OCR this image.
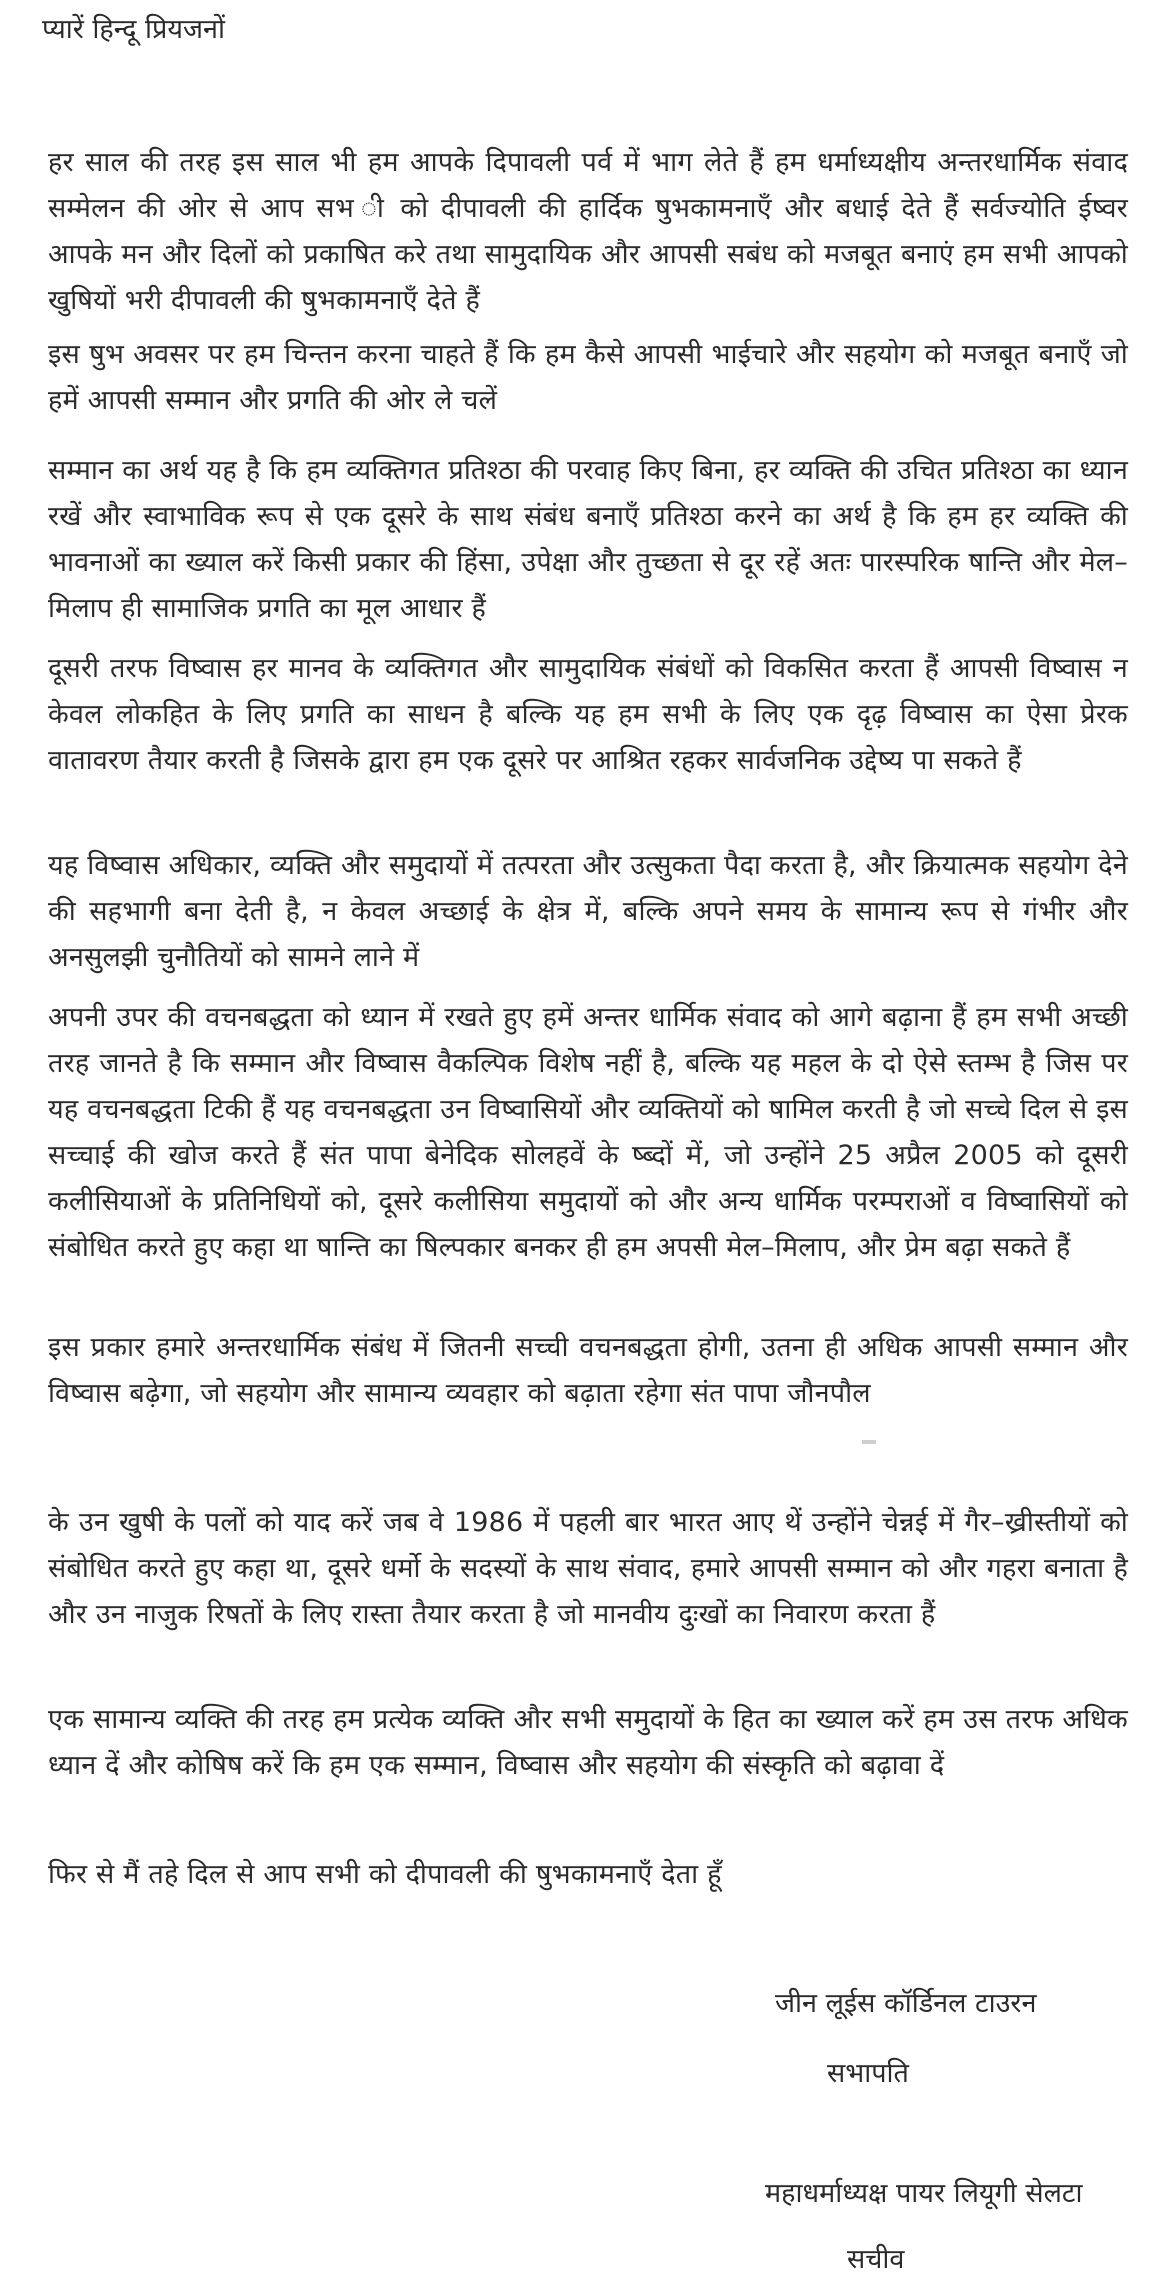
प्यारें हिन्दू प्रियजनों

हर साल की तरह इस साल भी हम आपके दिपावली पर्व में भाग लेते हैं हम धर्माध्यक्षीय अन्तरधार्मिक संवाद सम्मेलन की ओर से आप सभ ी को दीपावली की हार्दिक षुभकामनाएँ और बधाई देते हैं सर्वज्योति ईष्वर आपके मन और दिलों को प्रकाषित करे तथा सामुदायिक और आपसी सबंध को मजबूत बनाएं हम सभी आपको खुषियों भरी दीपावली की षुभकामनाएँ देते हैं

इस षुभ अवसर पर हम चिन्तन करना चाहते हैं कि हम कैसे आपसी भाईचारे और सहयोग को मजबूत बनाएँ जो हमें आपसी सम्मान और प्रगति की ओर ले चलें

सम्मान का अर्थ यह है कि हम व्यक्तिगत प्रतिश्ठा की परवाह किए बिना, हर व्यक्ति की उचित प्रतिश्ठा का ध्यान रखें और स्वाभाविक रूप से एक दूसरे के साथ संबंध बनाएँ प्रतिश्ठा करने का अर्थ है कि हम हर व्यक्ति की भावनाओं का ख्याल करें किसी प्रकार की हिंसा, उपेक्षा और तुच्छता से दूर रहें अतः पारस्परिक षान्ति और मेल–मिलाप ही सामाजिक प्रगति का मूल आधार हैं

दूसरी तरफ विष्वास हर मानव के व्यक्तिगत और सामुदायिक संबंधों को विकसित करता हैं आपसी विष्वास न केवल लोकहित के लिए प्रगति का साधन है बल्कि यह हम सभी के लिए एक दृढ़ विष्वास का ऐसा प्रेरक वातावरण तैयार करती है जिसके द्वारा हम एक दूसरे पर आश्रित रहकर सार्वजनिक उद्देष्य पा सकते हैं

यह विष्वास अधिकार, व्यक्ति और समुदायों में तत्परता और उत्सुकता पैदा करता है, और क्रियात्मक सहयोग देने की सहभागी बना देती है, न केवल अच्छाई के क्षेत्र में, बल्कि अपने समय के सामान्य रूप से गंभीर और अनसुलझी चुनौतियों को सामने लाने में

अपनी उपर की वचनबद्धता को ध्यान में रखते हुए हमें अन्तर धार्मिक संवाद को आगे बढ़ाना हैं हम सभी अच्छी तरह जानते है कि सम्मान और विष्वास वैकल्पिक विशेष नहीं है, बल्कि यह महल के दो ऐसे स्तम्भ है जिस पर यह वचनबद्धता टिकी हैं यह वचनबद्धता उन विष्वासियों और व्यक्तियों को षामिल करती है जो सच्चे दिल से इस सच्चाई की खोज करते हैं संत पापा बेनेदिक सोलहवें के ष्ब्दों में, जो उन्होंने 25 अप्रैल 2005 को दूसरी कलीसियाओं के प्रतिनिधियों को, दूसरे कलीसिया समुदायों को और अन्य धार्मिक परम्पराओं व विष्वासियों को संबोधित करते हुए कहा था षान्ति का षिल्पकार बनकर ही हम अपसी मेल–मिलाप, और प्रेम बढ़ा सकते हैं

इस प्रकार हमारे अन्तरधार्मिक संबंध में जितनी सच्ची वचनबद्धता होगी, उतना ही अधिक आपसी सम्मान और विष्वास बढ़ेगा, जो सहयोग और सामान्य व्यवहार को बढ़ाता रहेगा संत पापा जौनपौल

के उन खुषी के पलों को याद करें जब वे 1986 में पहली बार भारत आए थें उन्होंने चेन्नई में गैर–ख्रीस्तीयों को संबोधित करते हुए कहा था, दूसरे धर्मो के सदस्यों के साथ संवाद, हमारे आपसी सम्मान को और गहरा बनाता है और उन नाजुक रिषतों के लिए रास्ता तैयार करता है जो मानवीय दुःखों का निवारण करता हैं

एक सामान्य व्यक्ति की तरह हम प्रत्येक व्यक्ति और सभी समुदायों के हित का ख्याल करें हम उस तरफ अधिक ध्यान दें और कोषिष करें कि हम एक सम्मान, विष्वास और सहयोग की संस्कृति को बढ़ावा दें

फिर से मैं तहे दिल से आप सभी को दीपावली की षुभकामनाएँ देता हूँ

जीन लूईस कॉर्डिनल टाउरन

सभापति

महाधर्माध्यक्ष पायर लियूगी सेलटा

सचीव
